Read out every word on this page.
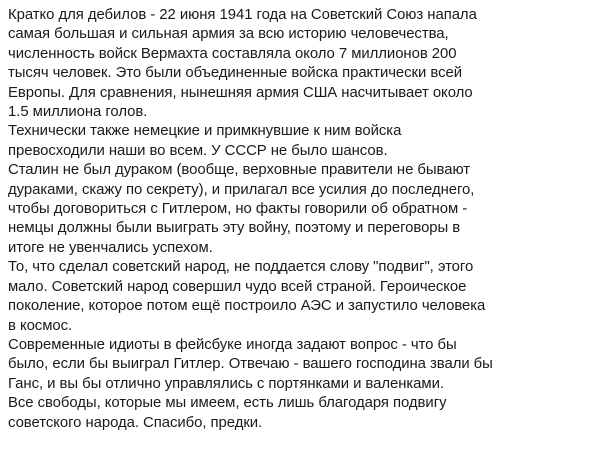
Кратко для дебилов - 22 июня 1941 года на Советский Союз напала
самая большая и сильная армия за всю историю человечества,
численность войск Вермахта составляла около 7 миллионов 200
тысяч человек. Это были объединенные войска практически всей
Европы. Для сравнения, нынешняя армия США насчитывает около
1.5 миллиона голов.
Технически также немецкие и примкнувшие к ним войска
превосходили наши во всем. У СССР не было шансов.
Сталин не был дураком (вообще, верховные правители не бывают
дураками, скажу по секрету), и прилагал все усилия до последнего,
чтобы договориться с Гитлером, но факты говорили об обратном -
немцы должны были выиграть эту войну, поэтому и переговоры в
итоге не увенчались успехом.
То, что сделал советский народ, не поддается слову "подвиг", этого
мало. Советский народ совершил чудо всей страной. Героическое
поколение, которое потом ещё построило АЭС и запустило человека
в космос.
Современные идиоты в фейсбуке иногда задают вопрос - что бы
было, если бы выиграл Гитлер. Отвечаю - вашего господина звали бы
Ганс, и вы бы отлично управлялись с портянками и валенками.
Все свободы, которые мы имеем, есть лишь благодаря подвигу
советского народа. Спасибо, предки.
